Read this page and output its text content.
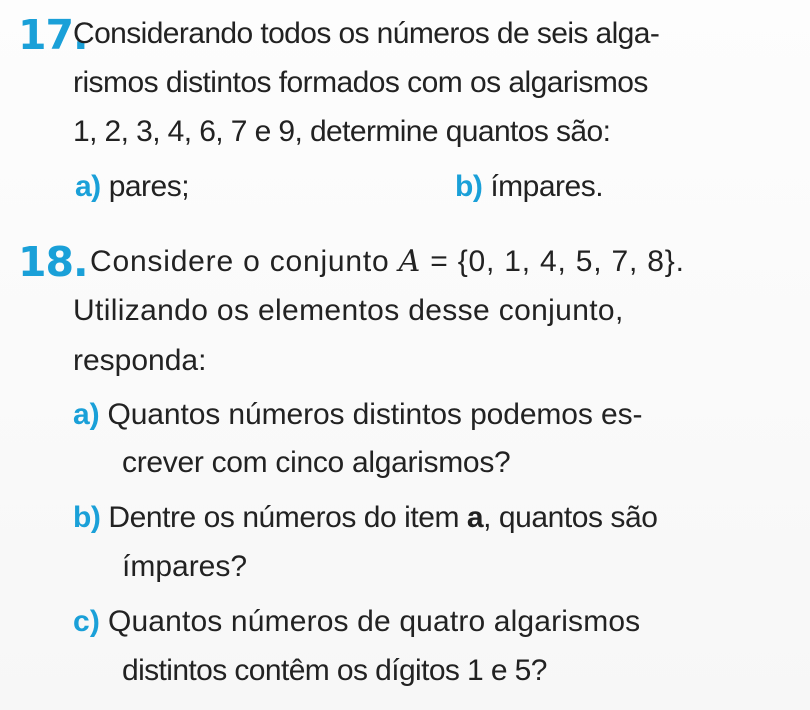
17.
Considerando todos os números de seis alga-
rismos distintos formados com os algarismos
1, 2, 3, 4, 6, 7 e 9, determine quantos são:
a) pares;	b) ímpares.
18. Considere o conjunto A = {0, 1, 4, 5, 7, 8}.
Utilizando os elementos desse conjunto,
responda:
a) Quantos números distintos podemos es-
crever com cinco algarismos?
b) Dentre os números do item a, quantos são
ímpares?
c) Quantos números de quatro algarismos
distintos contêm os dígitos 1 e 5?
